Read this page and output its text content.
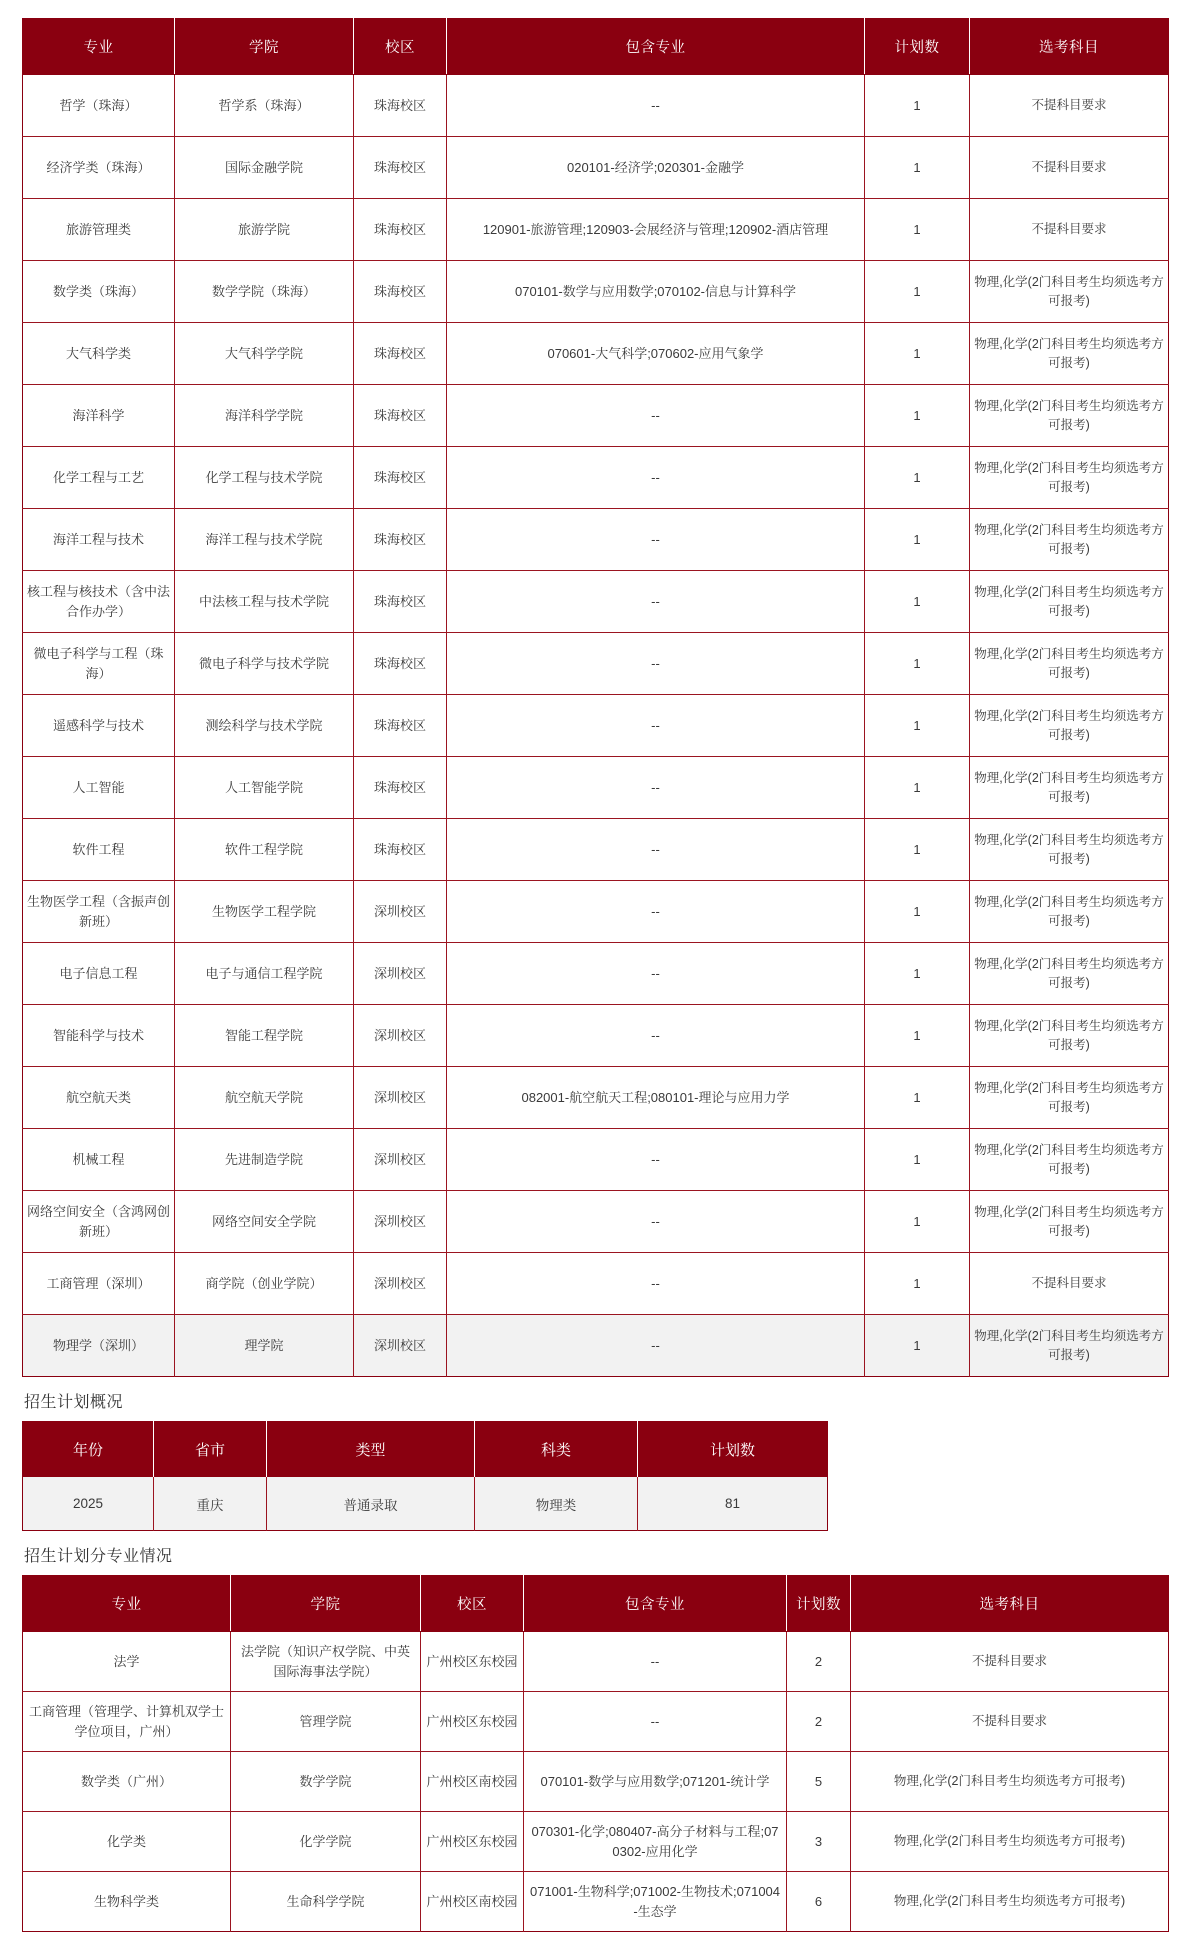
专业	学院	校区	包含专业	计划数	选考科目
哲学（珠海）	哲学系（珠海）	珠海校区	--	1	不提科目要求
经济学类（珠海）	国际金融学院	珠海校区	020101-经济学;020301-金融学	1	不提科目要求
旅游管理类	旅游学院	珠海校区	120901-旅游管理;120903-会展经济与管理;120902-酒店管理	1	不提科目要求
数学类（珠海）	数学学院（珠海）	珠海校区	070101-数学与应用数学;070102-信息与计算科学	1	物理,化学(2门科目考生均须选考方可报考)
大气科学类	大气科学学院	珠海校区	070601-大气科学;070602-应用气象学	1	物理,化学(2门科目考生均须选考方可报考)
海洋科学	海洋科学学院	珠海校区	--	1	物理,化学(2门科目考生均须选考方可报考)
化学工程与工艺	化学工程与技术学院	珠海校区	--	1	物理,化学(2门科目考生均须选考方可报考)
海洋工程与技术	海洋工程与技术学院	珠海校区	--	1	物理,化学(2门科目考生均须选考方可报考)
核工程与核技术（含中法合作办学）	中法核工程与技术学院	珠海校区	--	1	物理,化学(2门科目考生均须选考方可报考)
微电子科学与工程（珠海）	微电子科学与技术学院	珠海校区	--	1	物理,化学(2门科目考生均须选考方可报考)
遥感科学与技术	测绘科学与技术学院	珠海校区	--	1	物理,化学(2门科目考生均须选考方可报考)
人工智能	人工智能学院	珠海校区	--	1	物理,化学(2门科目考生均须选考方可报考)
软件工程	软件工程学院	珠海校区	--	1	物理,化学(2门科目考生均须选考方可报考)
生物医学工程（含振声创新班）	生物医学工程学院	深圳校区	--	1	物理,化学(2门科目考生均须选考方可报考)
电子信息工程	电子与通信工程学院	深圳校区	--	1	物理,化学(2门科目考生均须选考方可报考)
智能科学与技术	智能工程学院	深圳校区	--	1	物理,化学(2门科目考生均须选考方可报考)
航空航天类	航空航天学院	深圳校区	082001-航空航天工程;080101-理论与应用力学	1	物理,化学(2门科目考生均须选考方可报考)
机械工程	先进制造学院	深圳校区	--	1	物理,化学(2门科目考生均须选考方可报考)
网络空间安全（含鸿网创新班）	网络空间安全学院	深圳校区	--	1	物理,化学(2门科目考生均须选考方可报考)
工商管理（深圳）	商学院（创业学院）	深圳校区	--	1	不提科目要求
物理学（深圳）	理学院	深圳校区	--	1	物理,化学(2门科目考生均须选考方可报考)
招生计划概况
年份	省市	类型	科类	计划数
2025	重庆	普通录取	物理类	81
招生计划分专业情况
专业	学院	校区	包含专业	计划数	选考科目
法学	法学院（知识产权学院、中英国际海事法学院）	广州校区东校园	--	2	不提科目要求
工商管理（管理学、计算机双学士学位项目，广州）	管理学院	广州校区东校园	--	2	不提科目要求
数学类（广州）	数学学院	广州校区南校园	070101-数学与应用数学;071201-统计学	5	物理,化学(2门科目考生均须选考方可报考)
化学类	化学学院	广州校区东校园	070301-化学;080407-高分子材料与工程;070302-应用化学	3	物理,化学(2门科目考生均须选考方可报考)
生物科学类	生命科学学院	广州校区南校园	071001-生物科学;071002-生物技术;071004-生态学	6	物理,化学(2门科目考生均须选考方可报考)
